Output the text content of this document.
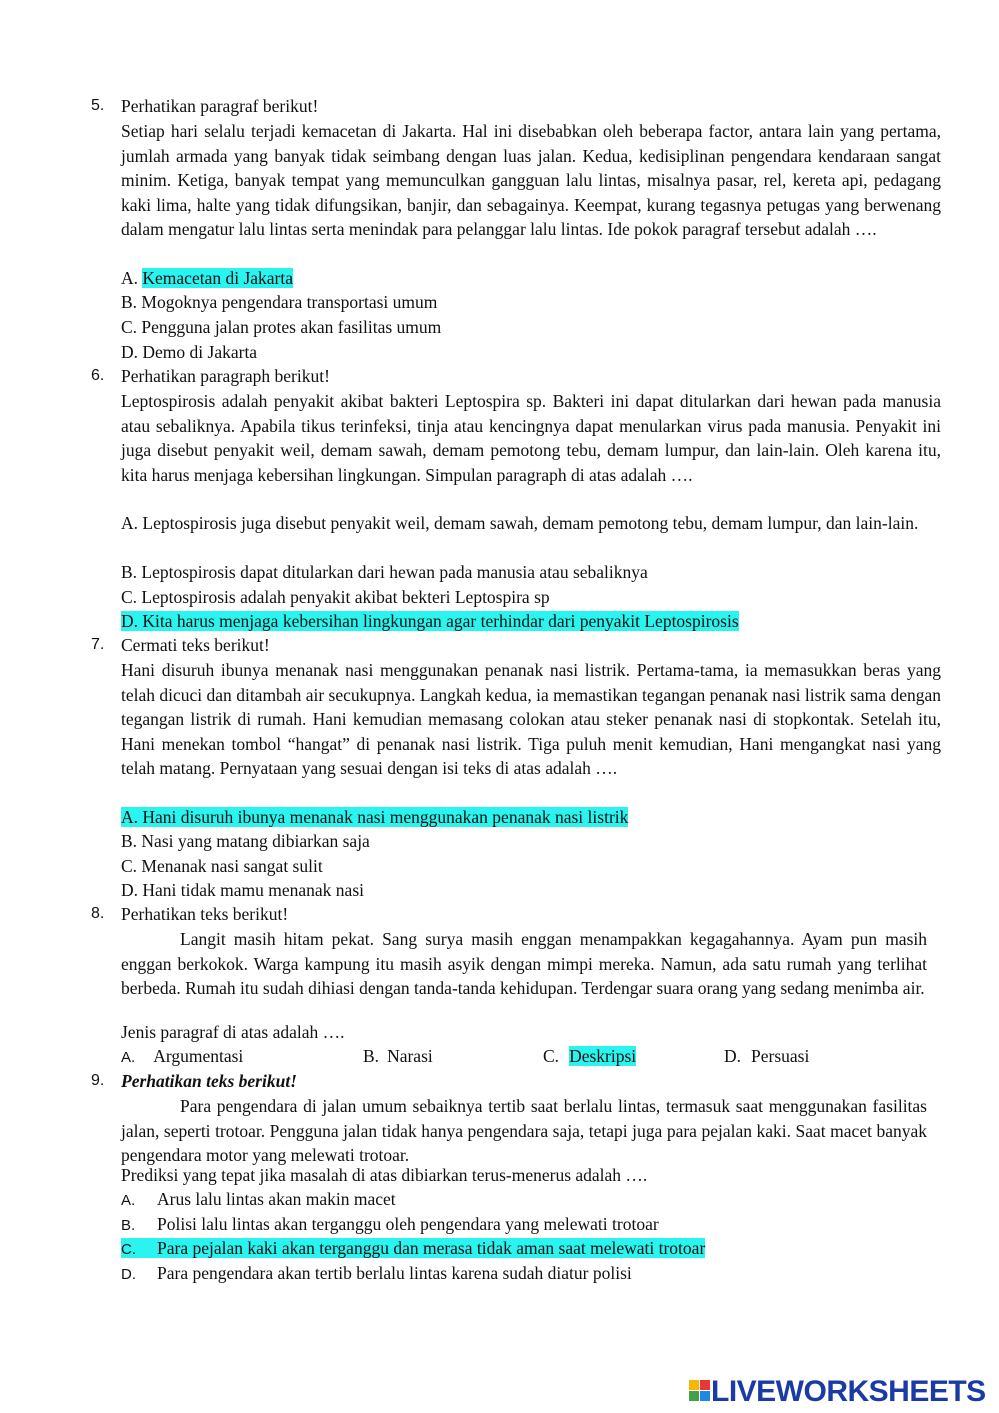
5. Perhatikan paragraf berikut!

Setiap hari selalu terjadi kemacetan di Jakarta. Hal ini disebabkan oleh beberapa factor, antara lain yang pertama, jumlah armada yang banyak tidak seimbang dengan luas jalan. Kedua, kedisiplinan pengendara kendaraan sangat minim. Ketiga, banyak tempat yang memunculkan gangguan lalu lintas, misalnya pasar, rel, kereta api, pedagang kaki lima, halte yang tidak difungsikan, banjir, dan sebagainya. Keempat, kurang tegasnya petugas yang berwenang dalam mengatur lalu lintas serta menindak para pelanggar lalu lintas. Ide pokok paragraf tersebut adalah ….

A. Kemacetan di Jakarta
B. Mogoknya pengendara transportasi umum
C. Pengguna jalan protes akan fasilitas umum
D. Demo di Jakarta
6. Perhatikan paragraph berikut!

Leptospirosis adalah penyakit akibat bakteri Leptospira sp. Bakteri ini dapat ditularkan dari hewan pada manusia atau sebaliknya. Apabila tikus terinfeksi, tinja atau kencingnya dapat menularkan virus pada manusia. Penyakit ini juga disebut penyakit weil, demam sawah, demam pemotong tebu, demam lumpur, dan lain-lain. Oleh karena itu, kita harus menjaga kebersihan lingkungan. Simpulan paragraph di atas adalah ….

A. Leptospirosis juga disebut penyakit weil, demam sawah, demam pemotong tebu, demam lumpur, dan lain-lain.
B. Leptospirosis dapat ditularkan dari hewan pada manusia atau sebaliknya
C. Leptospirosis adalah penyakit akibat bekteri Leptospira sp
D. Kita harus menjaga kebersihan lingkungan agar terhindar dari penyakit Leptospirosis
7. Cermati teks berikut!

Hani disuruh ibunya menanak nasi menggunakan penanak nasi listrik. Pertama-tama, ia memasukkan beras yang telah dicuci dan ditambah air secukupnya. Langkah kedua, ia memastikan tegangan penanak nasi listrik sama dengan tegangan listrik di rumah. Hani kemudian memasang colokan atau steker penanak nasi di stopkontak. Setelah itu, Hani menekan tombol “hangat” di penanak nasi listrik. Tiga puluh menit kemudian, Hani mengangkat nasi yang telah matang. Pernyataan yang sesuai dengan isi teks di atas adalah ….

A. Hani disuruh ibunya menanak nasi menggunakan penanak nasi listrik
B. Nasi yang matang dibiarkan saja
C. Menanak nasi sangat sulit
D. Hani tidak mamu menanak nasi
8. Perhatikan teks berikut!

Langit masih hitam pekat. Sang surya masih enggan menampakkan kegagahannya. Ayam pun masih enggan berkokok. Warga kampung itu masih asyik dengan mimpi mereka. Namun, ada satu rumah yang terlihat berbeda. Rumah itu sudah dihiasi dengan tanda-tanda kehidupan. Terdengar suara orang yang sedang menimba air.

Jenis paragraf di atas adalah ….
A. Argumentasi	B. Narasi	C. Deskripsi	D. Persuasi
9. Perhatikan teks berikut!

Para pengendara di jalan umum sebaiknya tertib saat berlalu lintas, termasuk saat menggunakan fasilitas jalan, seperti trotoar. Pengguna jalan tidak hanya pengendara saja, tetapi juga para pejalan kaki. Saat macet banyak pengendara motor yang melewati trotoar.

Prediksi yang tepat jika masalah di atas dibiarkan terus-menerus adalah ….
A. Arus lalu lintas akan makin macet
B. Polisi lalu lintas akan terganggu oleh pengendara yang melewati trotoar
C. Para pejalan kaki akan terganggu dan merasa tidak aman saat melewati trotoar
D. Para pengendara akan tertib berlalu lintas karena sudah diatur polisi
LIVEWORKSHEETS
